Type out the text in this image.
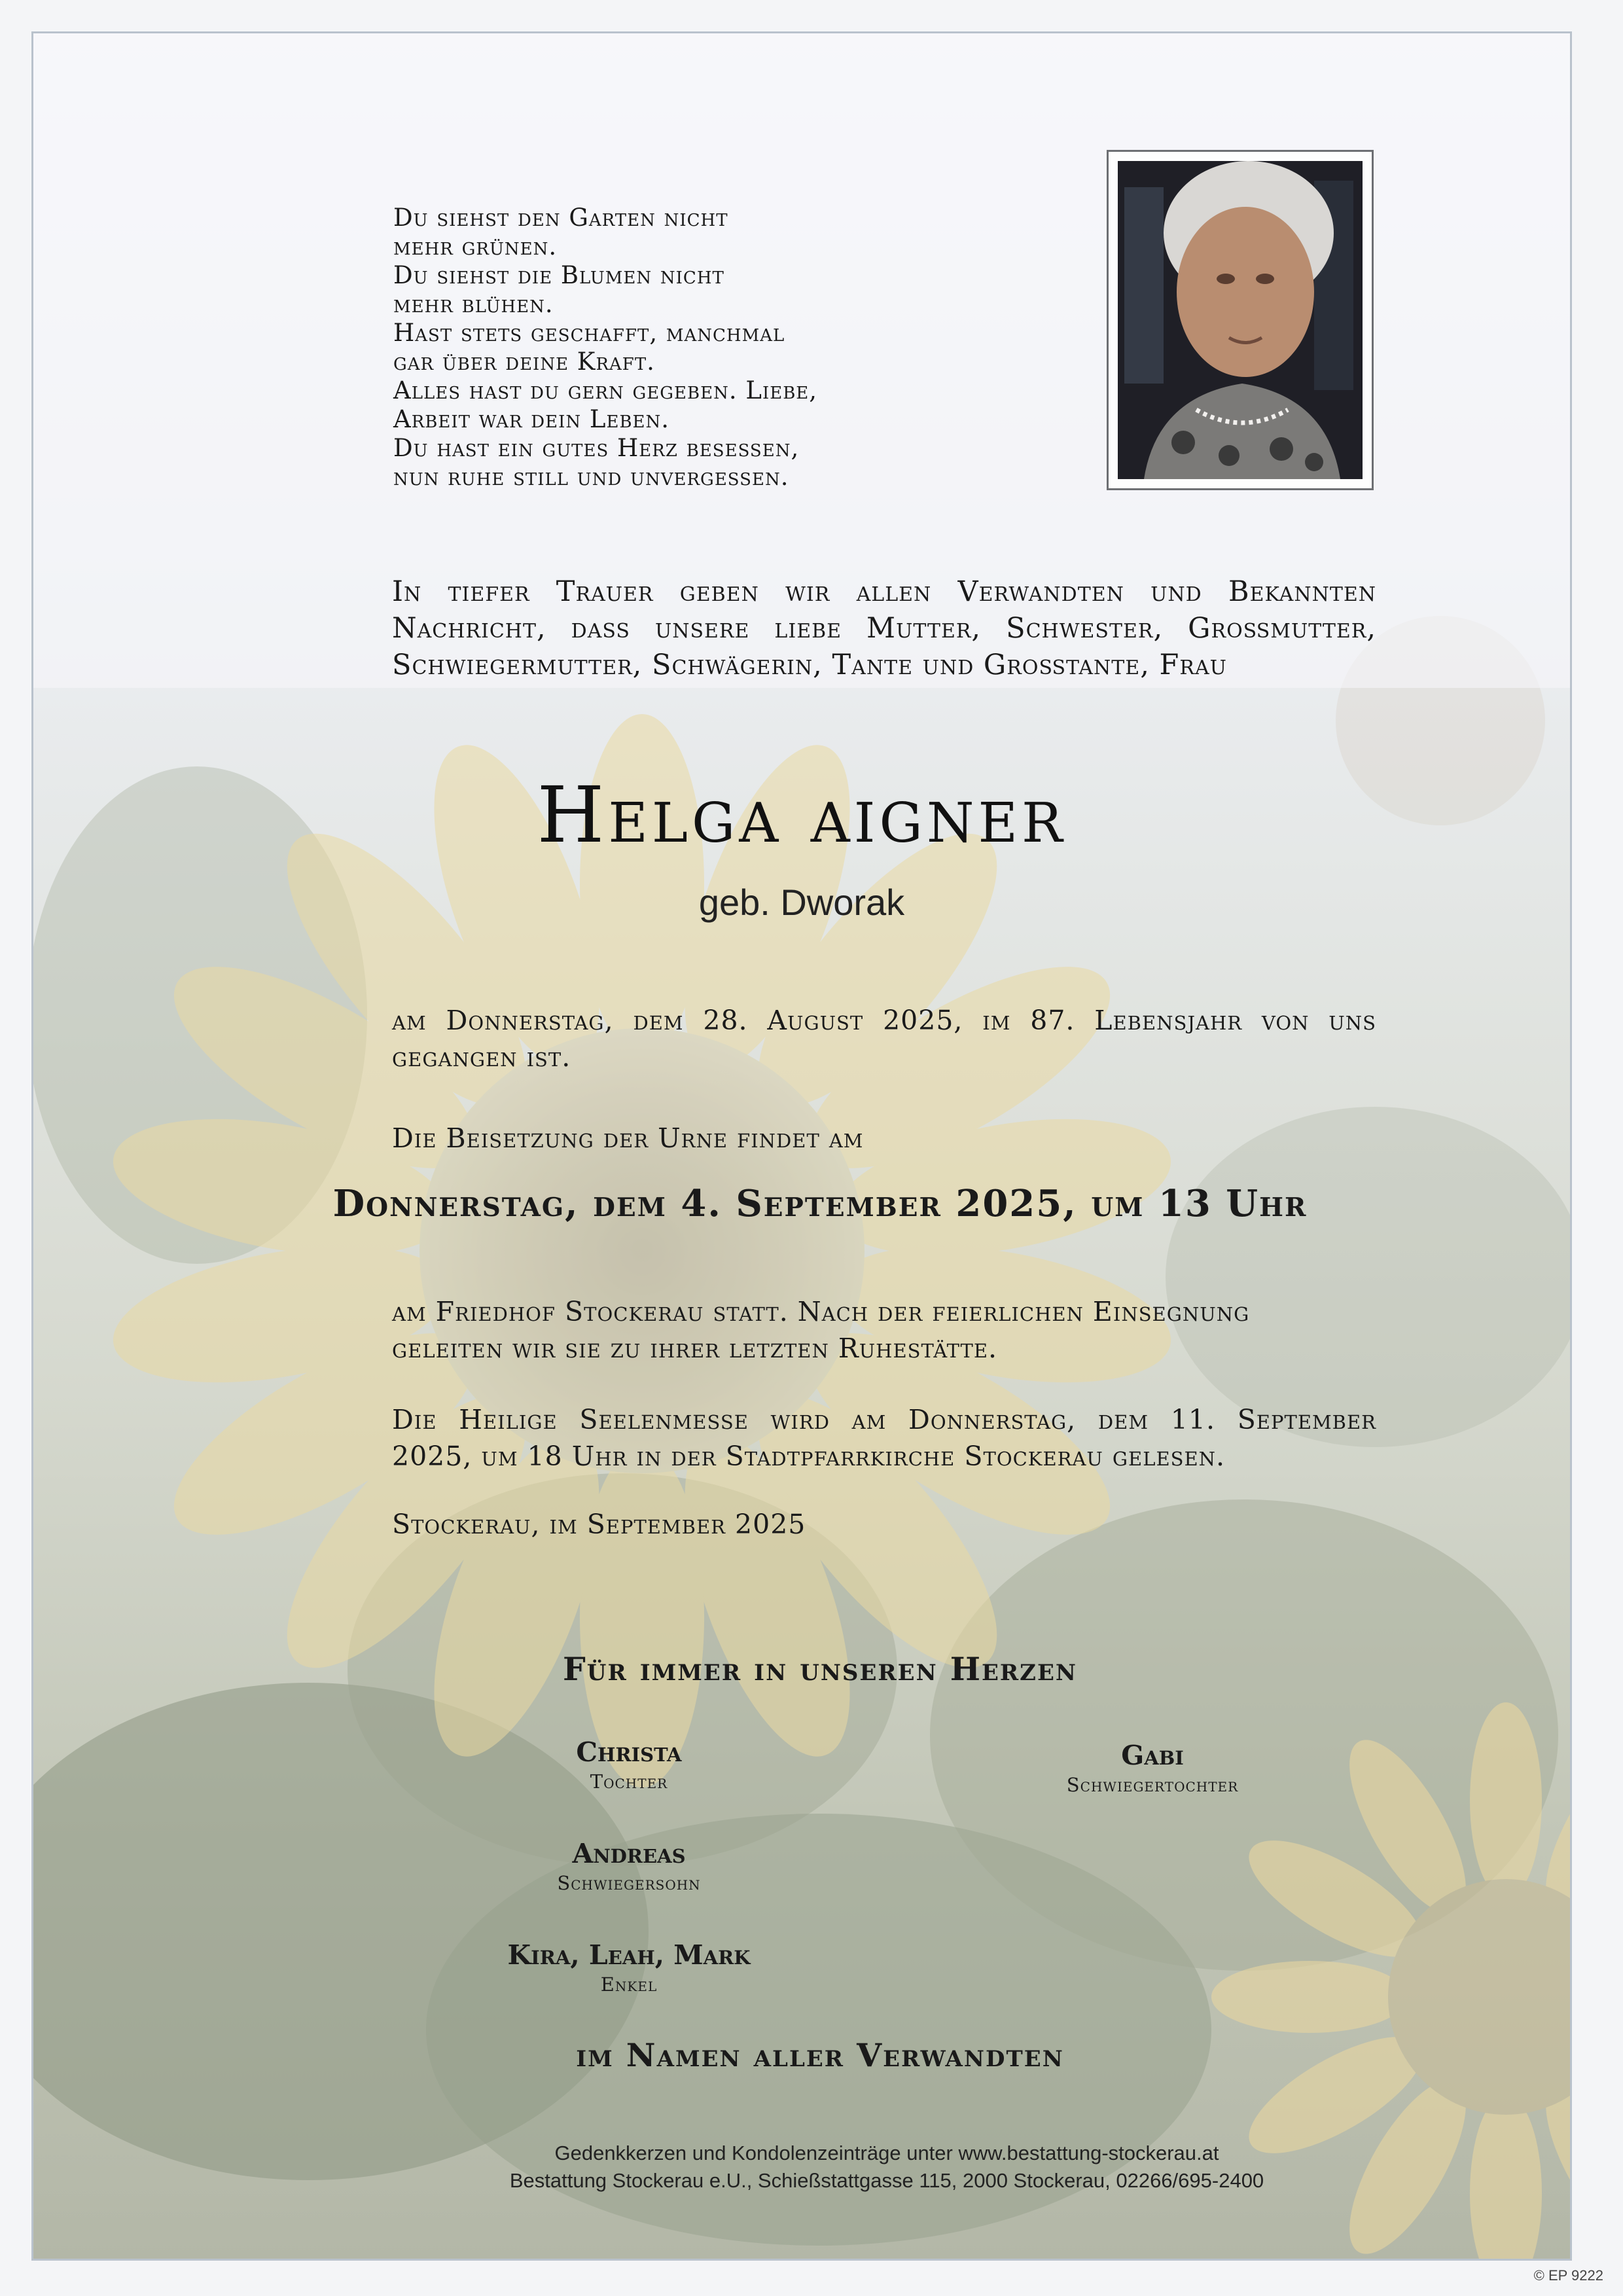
Du siehst den Garten nicht
mehr grünen.
Du siehst die Blumen nicht
mehr blühen.
Hast stets geschafft, manchmal
gar über deine Kraft.
Alles hast du gern gegeben. Liebe,
Arbeit war dein Leben.
Du hast ein gutes Herz besessen,
nun ruhe still und unvergessen.
In tiefer Trauer geben wir allen Verwandten und Bekannten
Nachricht, dass unsere liebe Mutter, Schwester, Großmutter,
Schwiegermutter, Schwägerin, Tante und Großtante, Frau
Helga aigner
geb. Dworak
am Donnerstag, dem 28. August 2025, im 87. Lebensjahr von uns
gegangen ist.
Die Beisetzung der Urne findet am
Donnerstag, dem 4. September 2025, um 13 Uhr
am Friedhof Stockerau statt. Nach der feierlichen Einsegnung
geleiten wir sie zu ihrer letzten Ruhestätte.
Die Heilige Seelenmesse wird am Donnerstag, dem 11. September
2025, um 18 Uhr in der Stadtpfarrkirche Stockerau gelesen.
Stockerau, im September 2025
Für immer in unseren Herzen
Christa
Tochter
Gabi
Schwiegertochter
Andreas
Schwiegersohn
Kira, Leah, Mark
Enkel
im Namen aller Verwandten
Gedenkkerzen und Kondolenzeinträge unter www.bestattung-stockerau.at
Bestattung Stockerau e.U., Schießstattgasse 115, 2000 Stockerau, 02266/695-2400
© EP 9222
